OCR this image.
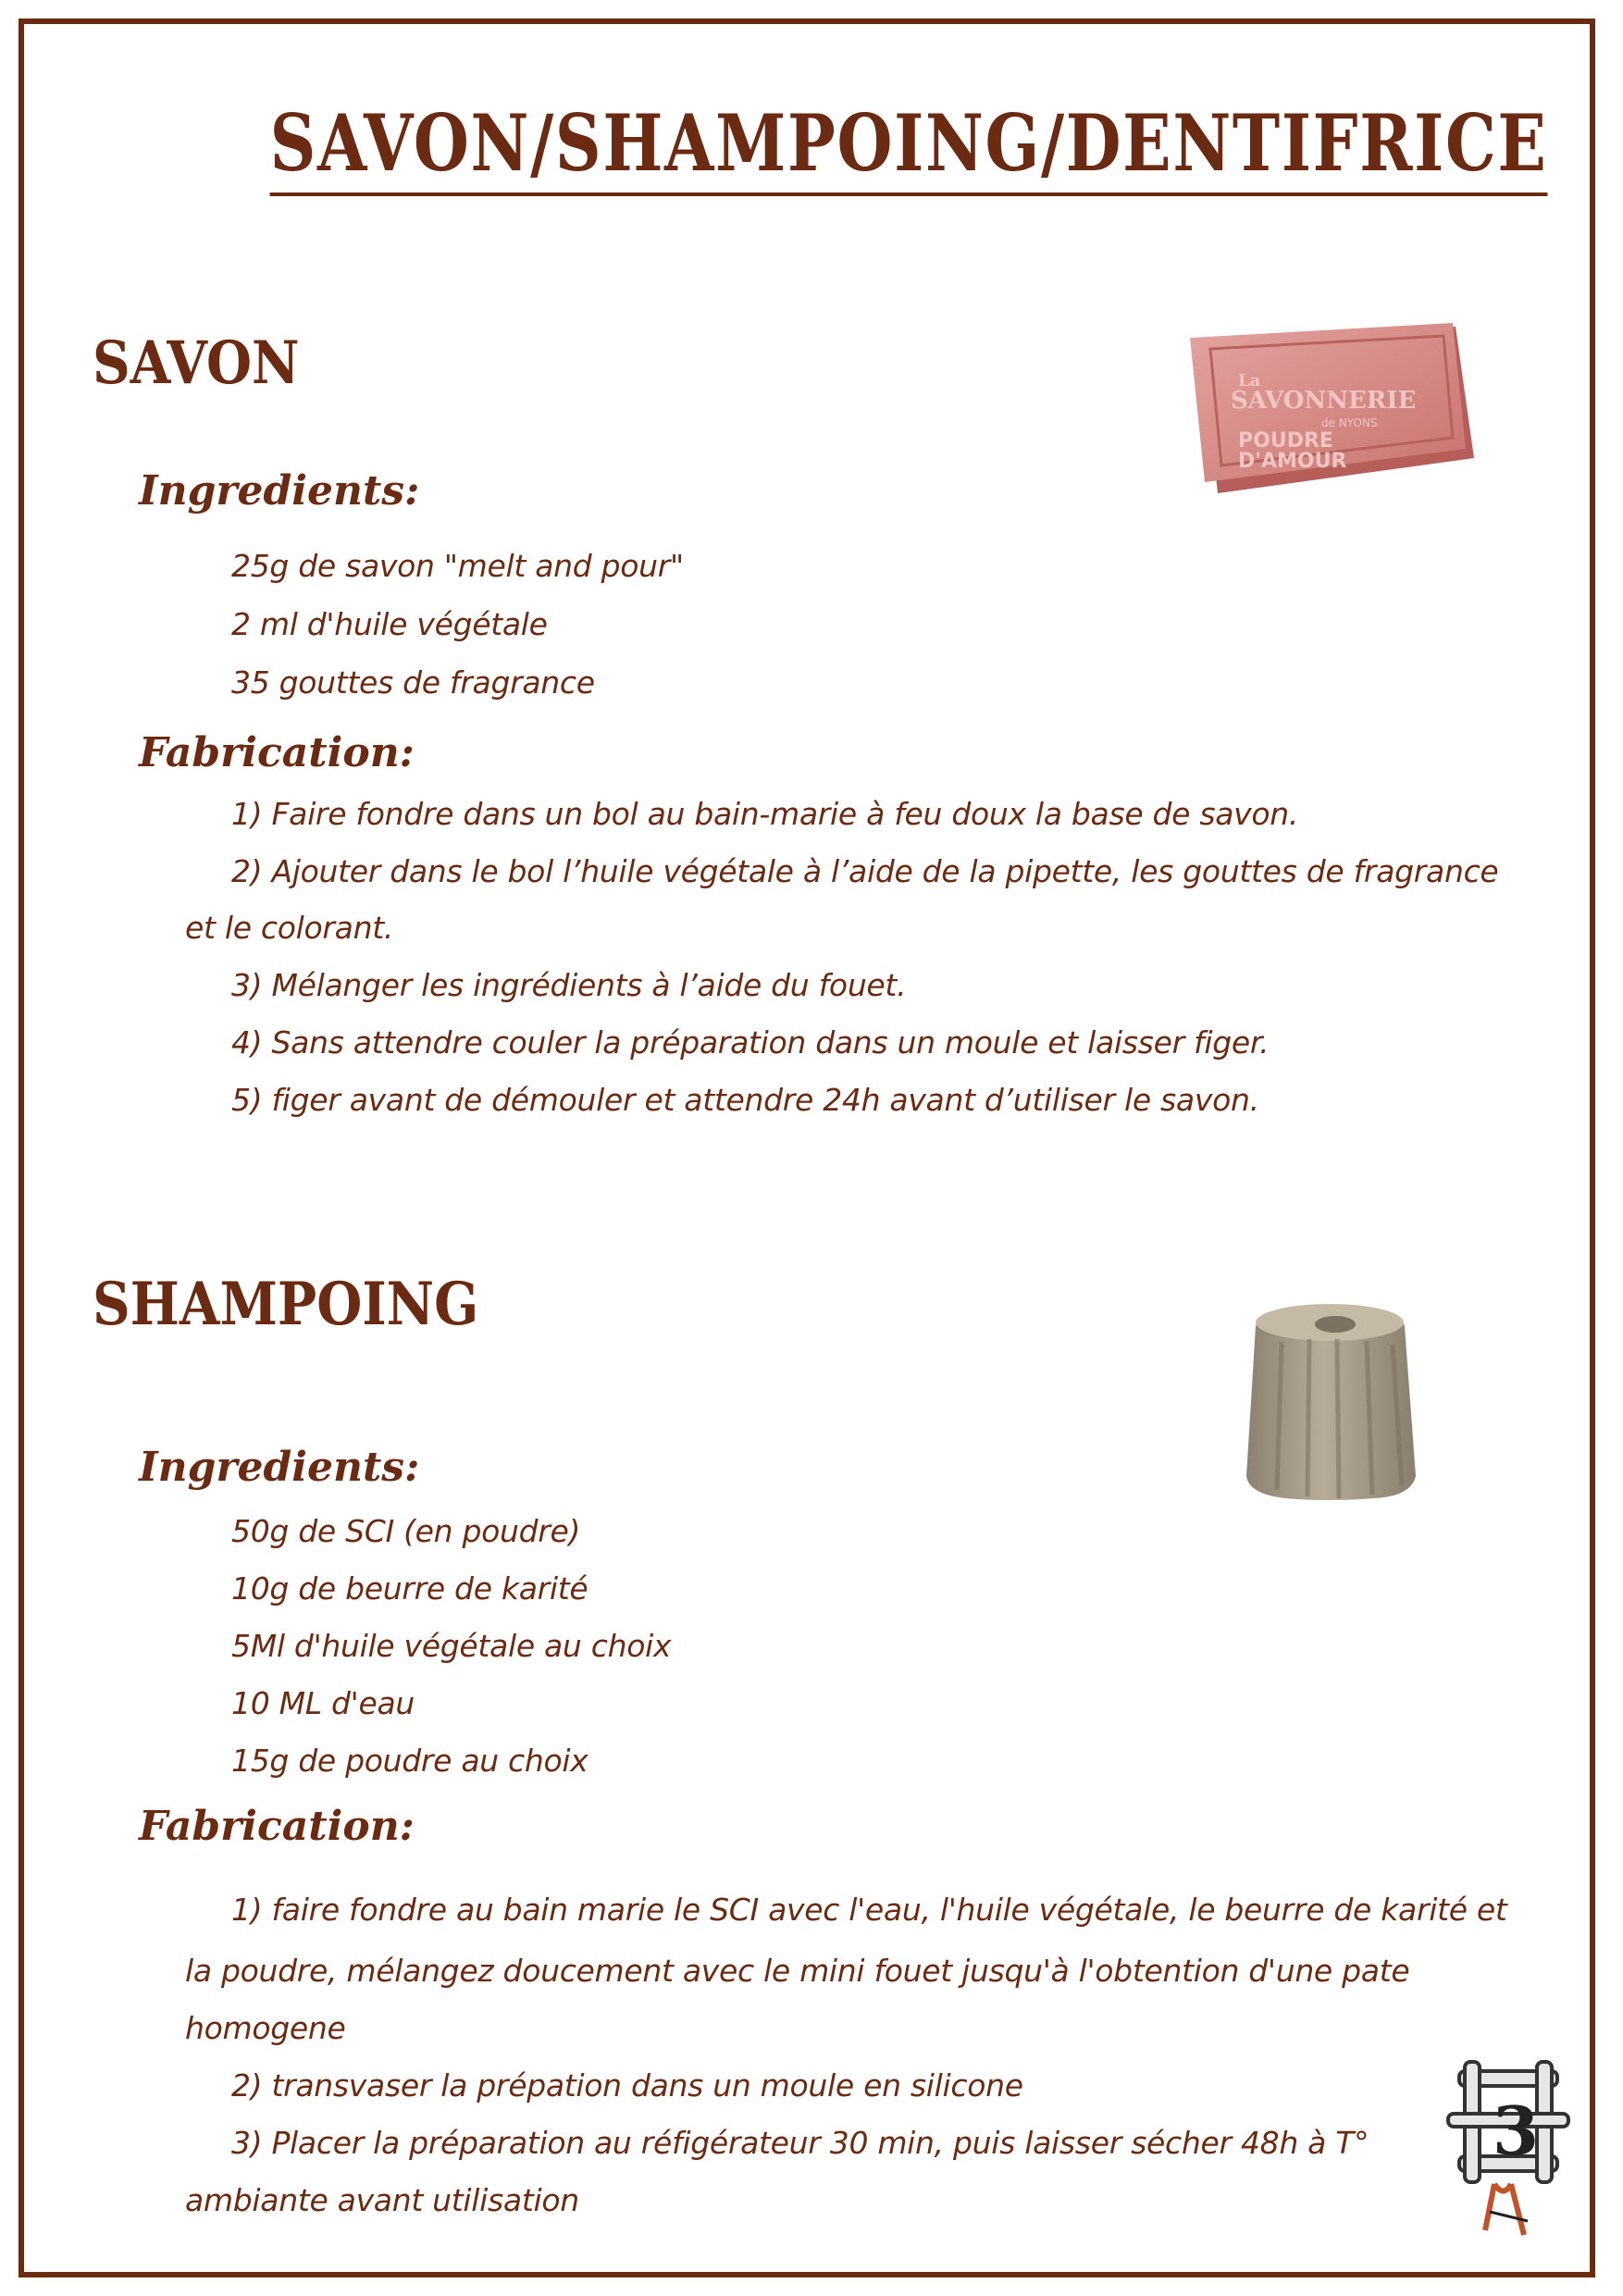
SAVON/SHAMPOING/DENTIFRICE
SAVON	La
SAVONNERIE
de NYONS
POUDRE
D'AMOUR
Ingredients:
25g de savon "melt and pour"
2 ml d'huile végétale
35 gouttes de fragrance
Fabrication:
1) Faire fondre dans un bol au bain-marie à feu doux la base de savon.
2) Ajouter dans le bol l’huile végétale à l’aide de la pipette, les gouttes de fragrance
et le colorant.
3) Mélanger les ingrédients à l’aide du fouet.
4) Sans attendre couler la préparation dans un moule et laisser figer.
5) figer avant de démouler et attendre 24h avant d’utiliser le savon.
SHAMPOING
Ingredients:
50g de SCI (en poudre)
10g de beurre de karité
5Ml d'huile végétale au choix
10 ML d'eau
15g de poudre au choix
Fabrication:
1) faire fondre au bain marie le SCI avec l'eau, l'huile végétale, le beurre de karité et
la poudre, mélangez doucement avec le mini fouet jusqu'à l'obtention d'une pate
homogene
2) transvaser la prépation dans un moule en silicone
3) Placer la préparation au réfigérateur 30 min, puis laisser sécher 48h à T°
ambiante avant utilisation
3
